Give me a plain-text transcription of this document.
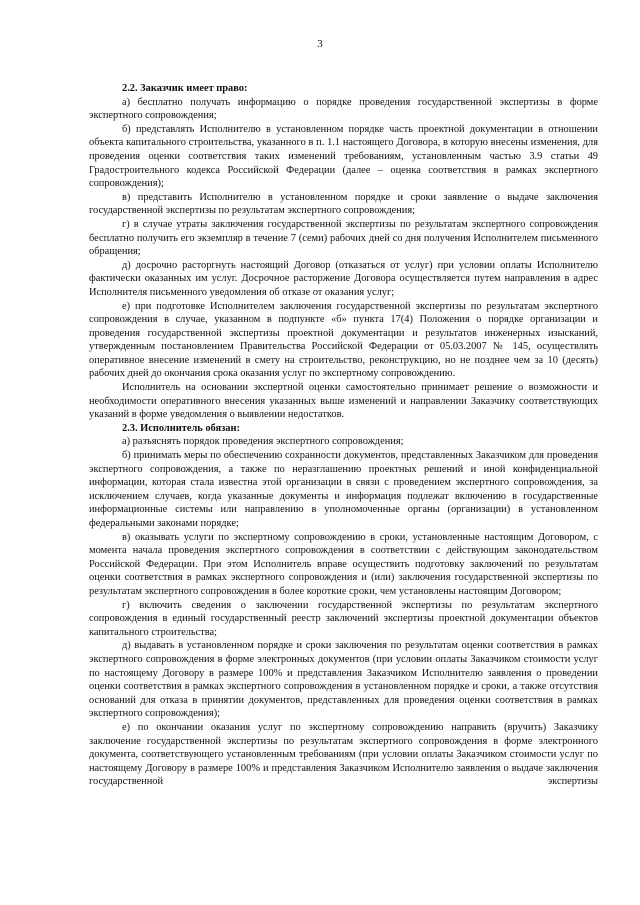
3

2.2. Заказчик имеет право:

а) бесплатно получать информацию о порядке проведения государственной экспертизы в форме экспертного сопровождения;

б) представлять Исполнителю в установленном порядке часть проектной документации в отношении объекта капитального строительства, указанного в п. 1.1 настоящего Договора, в которую внесены изменения, для проведения оценки соответствия таких изменений требованиям, установленным частью 3.9 статьи 49 Градостроительного кодекса Российской Федерации (далее – оценка соответствия в рамках экспертного сопровождения);

в) представить Исполнителю в установленном порядке и сроки заявление о выдаче заключения государственной экспертизы по результатам экспертного сопровождения;

г) в случае утраты заключения государственной экспертизы по результатам экспертного сопровождения бесплатно получить его экземпляр в течение 7 (семи) рабочих дней со дня получения Исполнителем письменного обращения;

д) досрочно расторгнуть настоящий Договор (отказаться от услуг) при условии оплаты Исполнителю фактически оказанных им услуг. Досрочное расторжение Договора осуществляется путем направления в адрес Исполнителя письменного уведомления об отказе от оказания услуг;

е) при подготовке Исполнителем заключения государственной экспертизы по результатам экспертного сопровождения в случае, указанном в подпункте «б» пункта 17(4) Положения о порядке организации и проведения государственной экспертизы проектной документации и результатов инженерных изысканий, утвержденным постановлением Правительства Российской Федерации от 05.03.2007 № 145, осуществлять оперативное внесение изменений в смету на строительство, реконструкцию, но не позднее чем за 10 (десять) рабочих дней до окончания срока оказания услуг по экспертному сопровождению.

Исполнитель на основании экспертной оценки самостоятельно принимает решение о возможности и необходимости оперативного внесения указанных выше изменений и направлении Заказчику соответствующих указаний в форме уведомления о выявлении недостатков.

2.3. Исполнитель обязан:

а) разъяснять порядок проведения экспертного сопровождения;

б) принимать меры по обеспечению сохранности документов, представленных Заказчиком для проведения экспертного сопровождения, а также по неразглашению проектных решений и иной конфиденциальной информации, которая стала известна этой организации в связи с проведением экспертного сопровождения, за исключением случаев, когда указанные документы и информация подлежат включению в государственные информационные системы или направлению в уполномоченные органы (организации) в установленном федеральными законами порядке;

в) оказывать услуги по экспертному сопровождению в сроки, установленные настоящим Договором, с момента начала проведения экспертного сопровождения в соответствии с действующим законодательством Российской Федерации. При этом Исполнитель вправе осуществить подготовку заключений по результатам оценки соответствия в рамках экспертного сопровождения и (или) заключения государственной экспертизы по результатам экспертного сопровождения в более короткие сроки, чем установлены настоящим Договором;

г) включить сведения о заключении государственной экспертизы по результатам экспертного сопровождения в единый государственный реестр заключений экспертизы проектной документации объектов капитального строительства;

д) выдавать в установленном порядке и сроки заключения по результатам оценки соответствия в рамках экспертного сопровождения в форме электронных документов (при условии оплаты Заказчиком стоимости услуг по настоящему Договору в размере 100% и представления Заказчиком Исполнителю заявления о проведении оценки соответствия в рамках экспертного сопровождения в установленном порядке и сроки, а также отсутствия оснований для отказа в принятии документов, представленных для проведения оценки соответствия в рамках экспертного сопровождения);

е) по окончании оказания услуг по экспертному сопровождению направить (вручить) Заказчику заключение государственной экспертизы по результатам экспертного сопровождения в форме электронного документа, соответствующего установленным требованиям (при условии оплаты Заказчиком стоимости услуг по настоящему Договору в размере 100% и представления Заказчиком Исполнителю заявления о выдаче заключения государственной экспертизы
